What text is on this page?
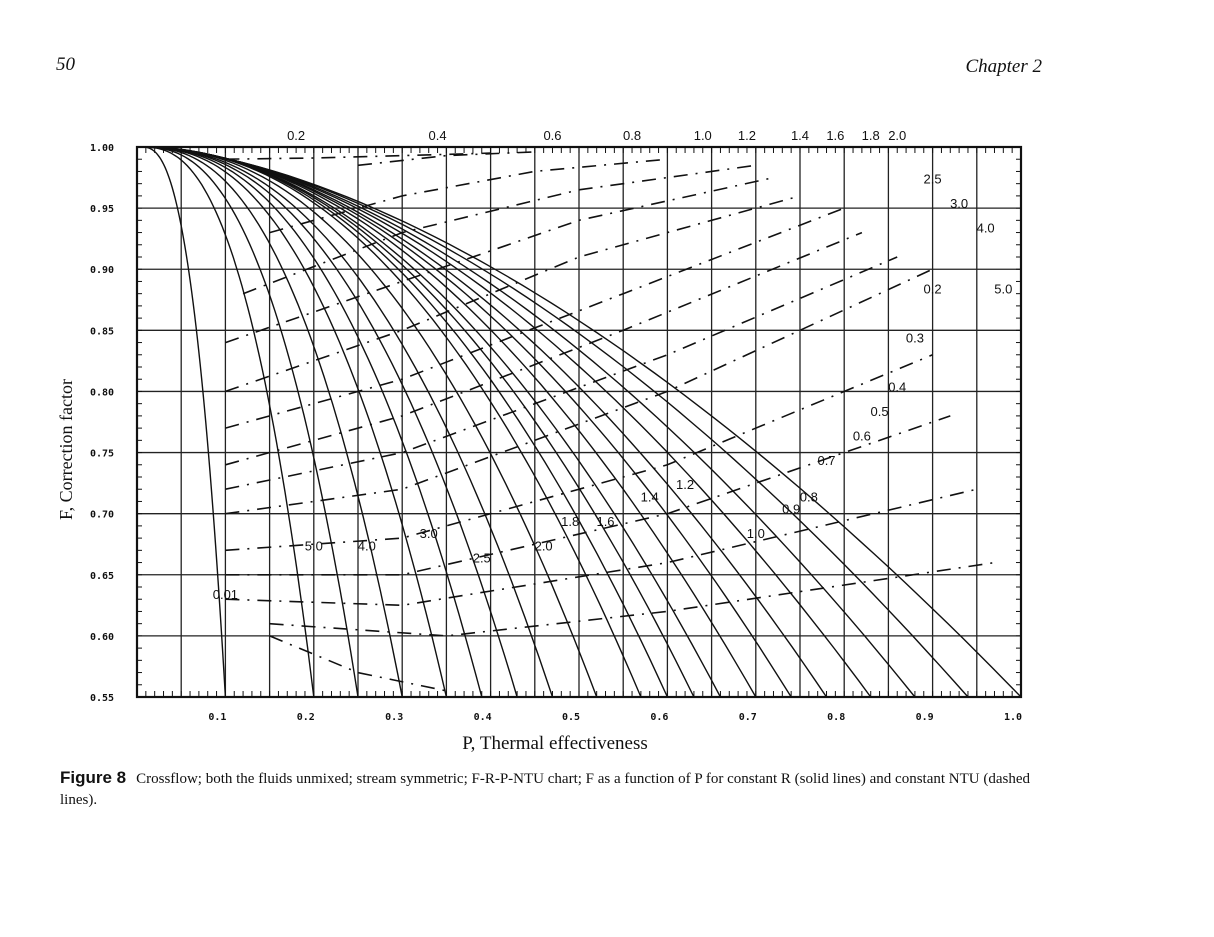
50	Chapter 2
0.1	0.2	0.3	0.4	0.5	0.6	0.7	0.8	0.9	1.0
1.00
0.95
0.90
0.85
0.80
0.75
0.70
0.65
0.60
0.55
0.2	0.4	0.6	0.8	1.0 1.2	1.4 1.6 1.8 2.0
2.5
3.0
4.0
5.0
0.2
0.3
0.4
0.5
0.6
0.7
0.8
0.9
1.0
0.01
5.0	4.0
3.0
2.5
2.0
1.8 1.6
1.4
1.2
P, Thermal effectiveness
F, Correction factor
Figure 8 Crossflow; both the fluids unmixed; stream symmetric; F-R-P-NTU chart; F as a function of P for constant R (solid lines) and constant NTU (dashed lines).
